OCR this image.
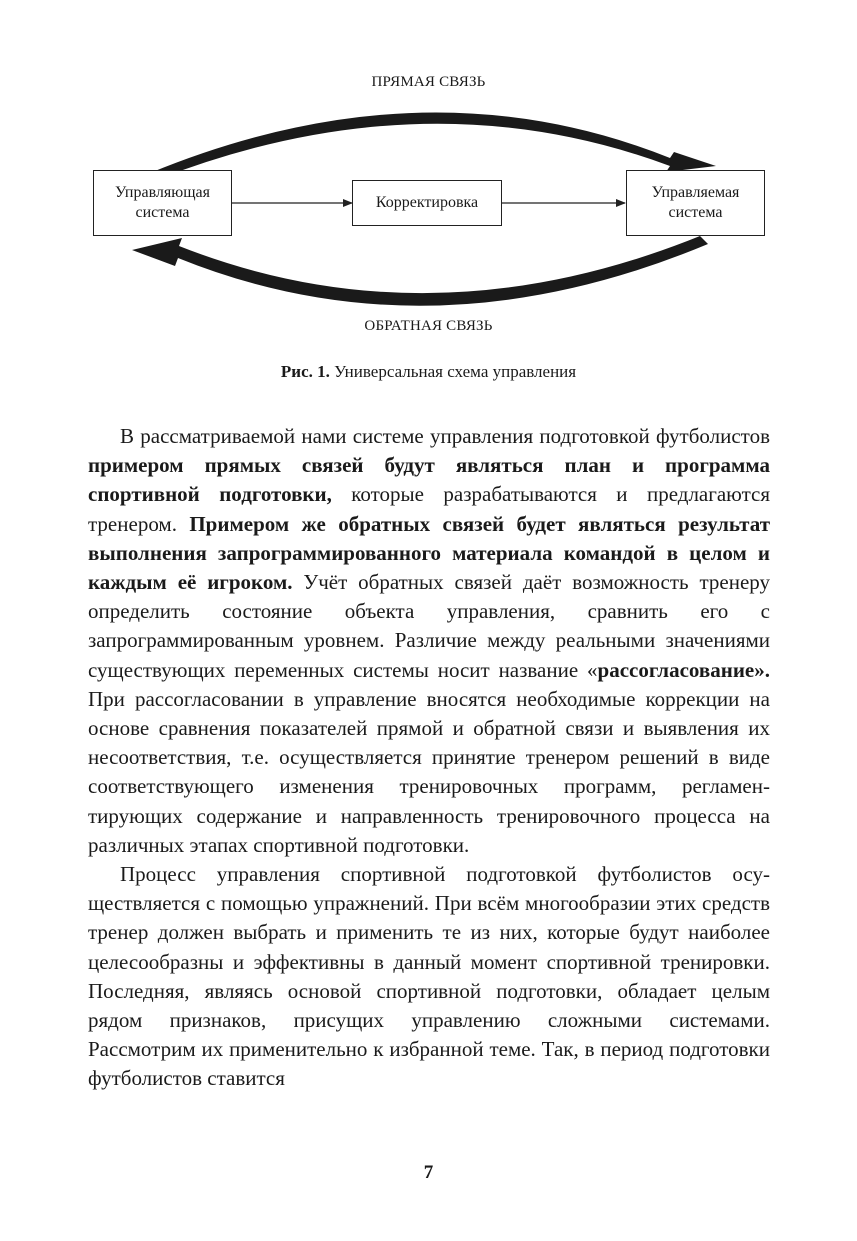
ПРЯМАЯ СВЯЗЬ
ОБРАТНАЯ СВЯЗЬ
Управляющая
система
Корректировка
Управляемая
система
Рис. 1. Универсальная схема управления

В рассматриваемой нами системе управления подготовкой футболистов примером прямых связей будут являться план и программа спортивной подготовки, которые разрабатываются и предлагаются тренером. Примером же обратных связей будет являться результат выполнения запрограммированного материала командой в целом и каждым её игроком. Учёт обратных связей даёт возможность тренеру определить состояние объекта управления, сравнить его с запрограммированным уровнем. Различие между реальными значениями существующих переменных системы носит название «рассогласование». При рассогласовании в управление вносятся необходимые коррекции на основе сравнения показателей прямой и обратной связи и выявления их несоответствия, т.е. осуществляется принятие тренером решений в виде соответствующего изменения тренировочных программ, регламентирующих содержание и направленность тренировочного процесса на различных этапах спортивной подготовки.

Процесс управления спортивной подготовкой футболистов осуществляется с помощью упражнений. При всём многообразии этих средств тренер должен выбрать и применить те из них, которые будут наиболее целесообразны и эффективны в данный момент спортивной тренировки. Последняя, являясь основой спортивной подготовки, обладает целым рядом признаков, присущих управлению сложными системами. Рассмотрим их применительно к избранной теме. Так, в период подготовки футболистов ставится

7
